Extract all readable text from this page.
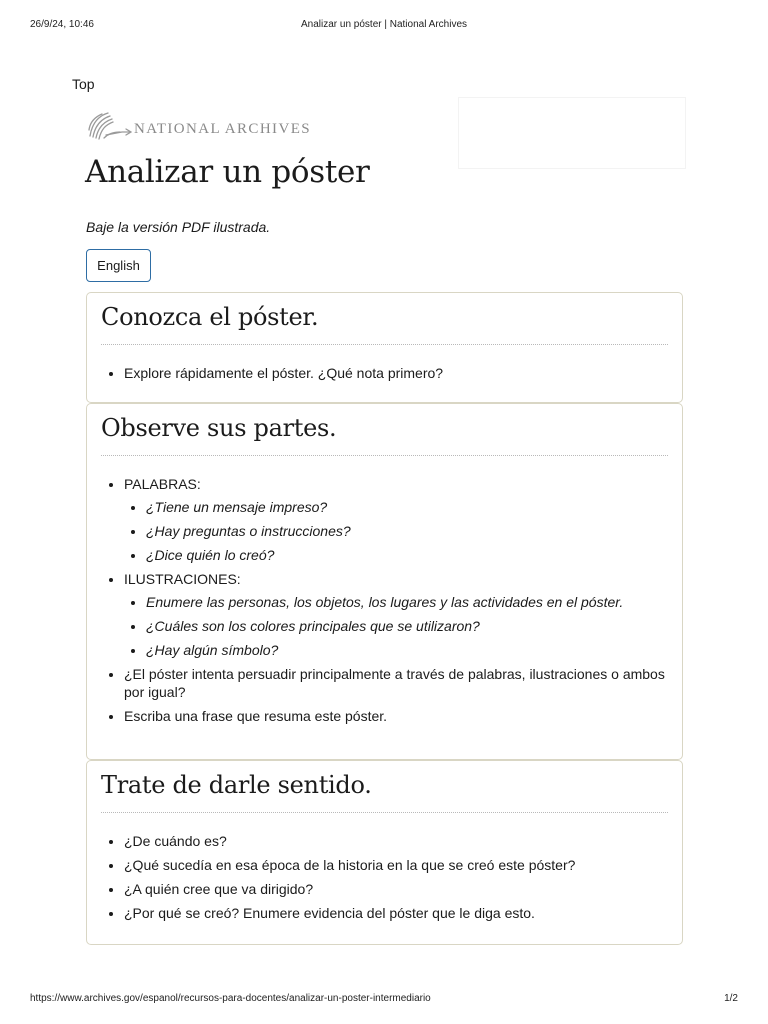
26/9/24, 10:46	Analizar un póster | National Archives
Top
NATIONAL ARCHIVES
Analizar un póster
Baje la versión PDF ilustrada.
English
Conozca el póster.
• Explore rápidamente el póster. ¿Qué nota primero?
Observe sus partes.
• PALABRAS:
• ¿Tiene un mensaje impreso?
• ¿Hay preguntas o instrucciones?
• ¿Dice quién lo creó?
• ILUSTRACIONES:
• Enumere las personas, los objetos, los lugares y las actividades en el póster.
• ¿Cuáles son los colores principales que se utilizaron?
• ¿Hay algún símbolo?
• ¿El póster intenta persuadir principalmente a través de palabras, ilustraciones o ambos por igual?
• Escriba una frase que resuma este póster.
Trate de darle sentido.
• ¿De cuándo es?
• ¿Qué sucedía en esa época de la historia en la que se creó este póster?
• ¿A quién cree que va dirigido?
• ¿Por qué se creó? Enumere evidencia del póster que le diga esto.
https://www.archives.gov/espanol/recursos-para-docentes/analizar-un-poster-intermediario	1/2
